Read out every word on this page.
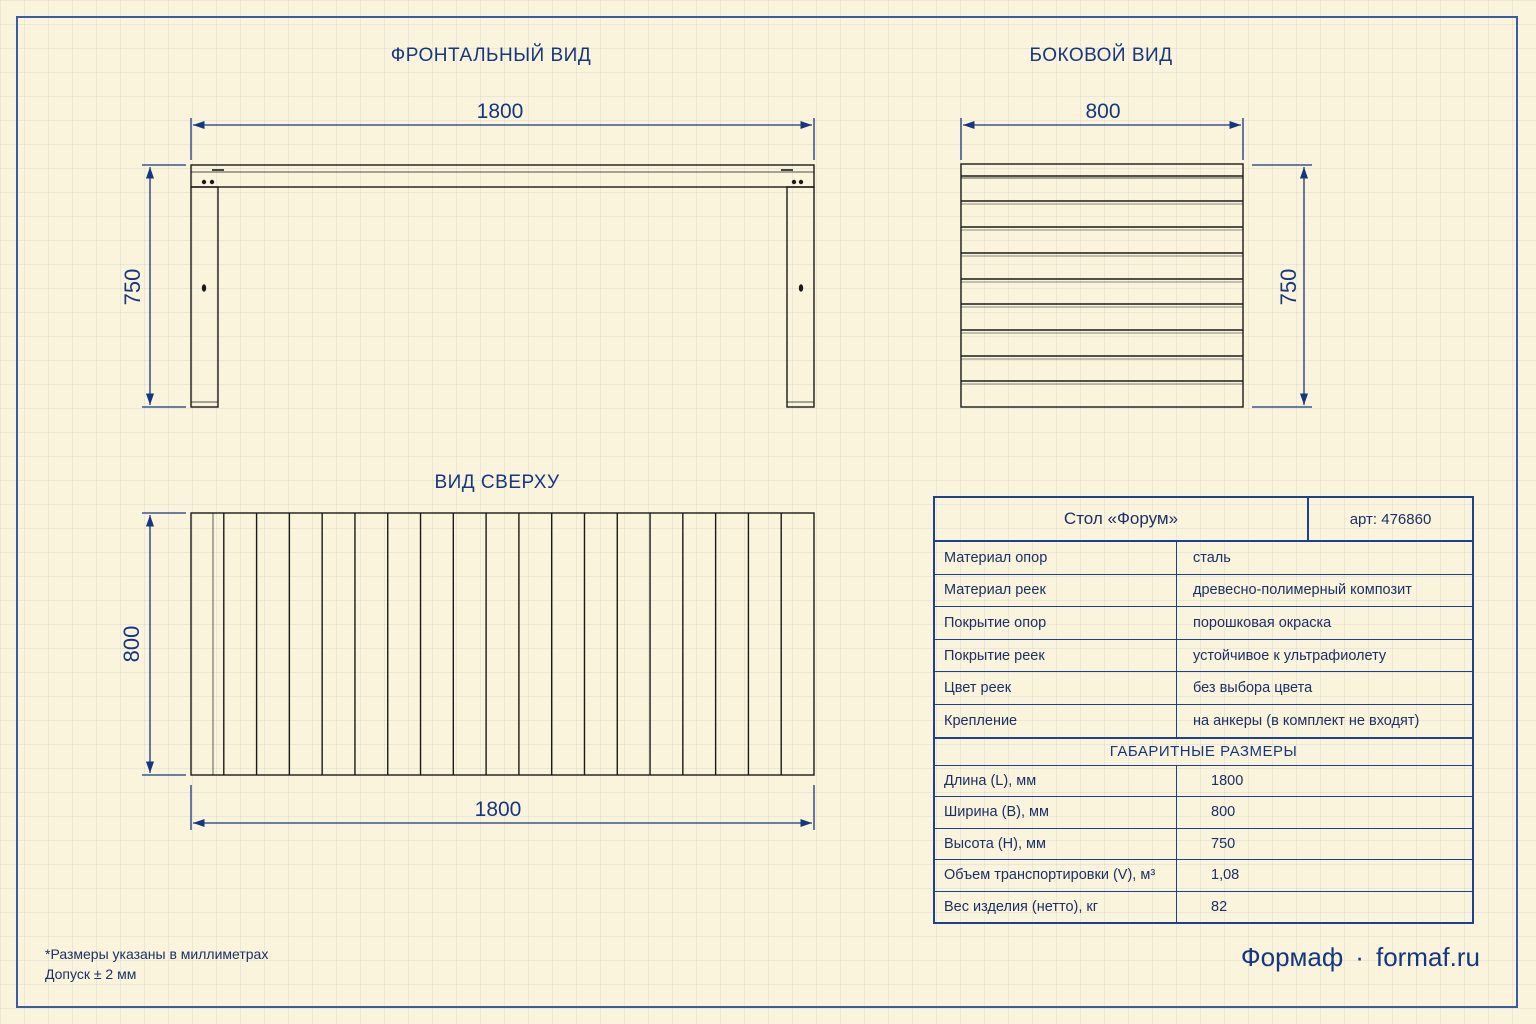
ФРОНТАЛЬНЫЙ ВИД	БОКОВОЙ ВИД
ВИД СВЕРХУ
1800
750
800
750
800
1800
Стол «Форум»	арт: 476860
Материал опор	сталь
Материал реек	древесно-полимерный композит
Покрытие опор	порошковая окраска
Покрытие реек	устойчивое к ультрафиолету
Цвет реек	без выбора цвета
Крепление	на анкеры (в комплект не входят)
ГАБАРИТНЫЕ РАЗМЕРЫ
Длина (L), мм	1800
Ширина (B), мм	800
Высота (H), мм	750
Объем транспортировки (V), м³	1,08
Вес изделия (нетто), кг	82
*Размеры указаны в миллиметрах
Допуск ± 2 мм
Формаф · formaf.ru
